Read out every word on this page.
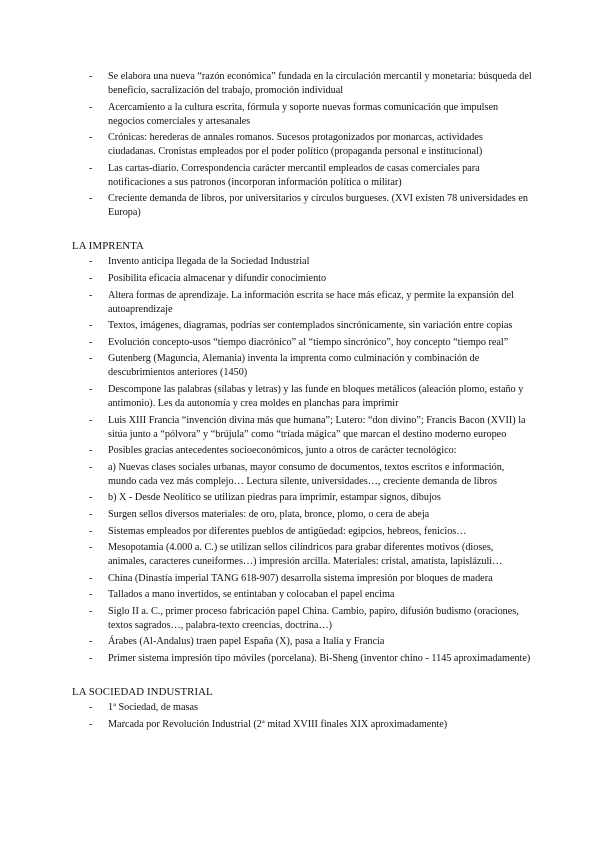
-	Se elabora una nueva “razón económica” fundada en la circulación mercantil y monetaria: búsqueda del beneficio, sacralización del trabajo, promoción individual
-	Acercamiento a la cultura escrita, fórmula y soporte nuevas formas comunicación que impulsen negocios comerciales y artesanales
-	Crónicas: herederas de annales romanos. Sucesos protagonizados por monarcas, actividades ciudadanas. Cronistas empleados por el poder político (propaganda personal e institucional)
-	Las cartas-diario. Correspondencia carácter mercantil empleados de casas comerciales para notificaciones a sus patronos (incorporan información política o militar)
-	Creciente demanda de libros, por universitarios y círculos burgueses. (XVI existen 78 universidades en Europa)
LA IMPRENTA
-	Invento anticipa llegada de la Sociedad Industrial
-	Posibilita eficacia almacenar y difundir conocimiento
-	Altera formas de aprendizaje. La información escrita se hace más eficaz, y permite la expansión del autoaprendizaje
-	Textos, imágenes, diagramas, podrías ser contemplados sincrónicamente, sin variación entre copias
-	Evolución concepto-usos “tiempo diacrónico” al “tiempo sincrónico”, hoy concepto “tiempo real”
-	Gutenberg (Maguncia, Alemania) inventa la imprenta como culminación y combinación de descubrimientos anteriores (1450)
-	Descompone las palabras (sílabas y letras) y las funde en bloques metálicos (aleación plomo, estaño y antimonio). Les da autonomía y crea moldes en planchas para imprimir
-	Luis XIII Francia “invención divina más que humana”; Lutero: “don divino”; Francis Bacon (XVII) la sitúa junto a “pólvora” y “brújula” como “tríada mágica” que marcan el destino moderno europeo
-	Posibles gracias antecedentes socioeconómicos, junto a otros de carácter tecnológico:
-	a) Nuevas clases sociales urbanas, mayor consumo de documentos, textos escritos e información, mundo cada vez más complejo… Lectura silente, universidades…, creciente demanda de libros
-	b) X - Desde Neolítico se utilizan piedras para imprimir, estampar signos, dibujos
-	Surgen sellos diversos materiales: de oro, plata, bronce, plomo, o cera de abeja
-	Sistemas empleados por diferentes pueblos de antigüedad: egipcios, hebreos, fenicios…
-	Mesopotamia (4.000 a. C.) se utilizan sellos cilíndricos para grabar diferentes motivos (dioses, animales, caracteres cuneiformes…) impresión arcilla. Materiales: cristal, amatista, lapislázuli…
-	China (Dinastía imperial TANG 618-907) desarrolla sistema impresión por bloques de madera
-	Tallados a mano invertidos, se entintaban y colocaban el papel encima
-	Siglo II a. C., primer proceso fabricación papel China. Cambio, papiro, difusión budismo (oraciones, textos sagrados…, palabra-texto creencias, doctrina…)
-	Árabes (Al-Andalus) traen papel España (X), pasa a Italia y Francia
-	Primer sistema impresión tipo móviles (porcelana). Bi-Sheng (inventor chino - 1145 aproximadamente)
LA SOCIEDAD INDUSTRIAL
-	1ª Sociedad, de masas
-	Marcada por Revolución Industrial (2ª mitad XVIII finales XIX aproximadamente)
